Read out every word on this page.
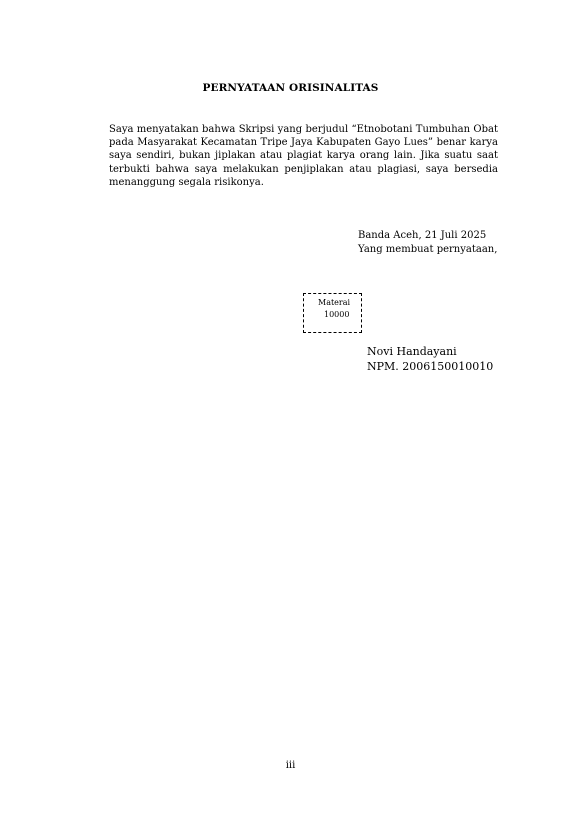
PERNYATAAN ORISINALITAS

Saya menyatakan bahwa Skripsi yang berjudul “Etnobotani Tumbuhan Obat pada Masyarakat Kecamatan Tripe Jaya Kabupaten Gayo Lues” benar karya saya sendiri, bukan jiplakan atau plagiat karya orang lain. Jika suatu saat terbukti bahwa saya melakukan penjiplakan atau plagiasi, saya bersedia menanggung segala risikonya.

Banda Aceh, 21 Juli 2025

Yang membuat pernyataan,

Materai
10000

Novi Handayani

NPM. 2006150010010

iii
